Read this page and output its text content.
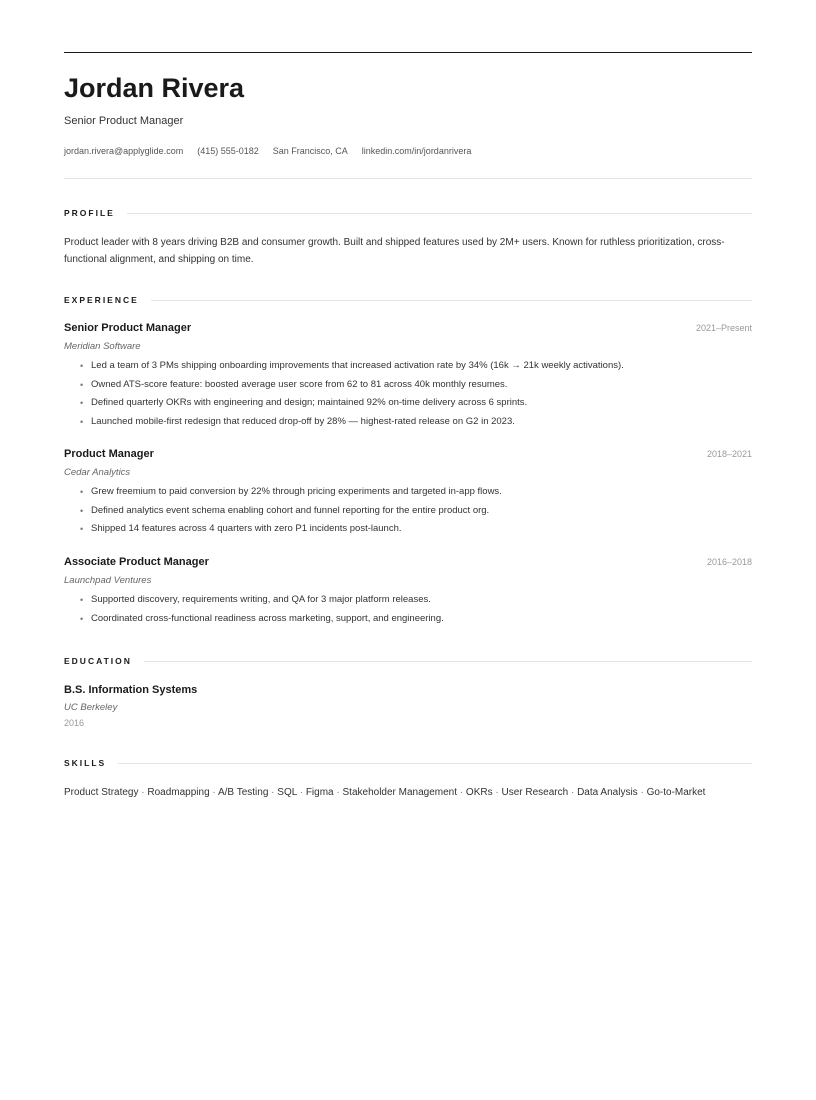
Jordan Rivera
Senior Product Manager
jordan.rivera@applyglide.com (415) 555-0182 San Francisco, CA linkedin.com/in/jordanrivera
PROFILE
Product leader with 8 years driving B2B and consumer growth. Built and shipped features used by 2M+ users. Known for ruthless prioritization, cross-functional alignment, and shipping on time.
EXPERIENCE
Senior Product Manager	2021–Present
Meridian Software
• Led a team of 3 PMs shipping onboarding improvements that increased activation rate by 34% (16k → 21k weekly activations).
• Owned ATS-score feature: boosted average user score from 62 to 81 across 40k monthly resumes.
• Defined quarterly OKRs with engineering and design; maintained 92% on-time delivery across 6 sprints.
• Launched mobile-first redesign that reduced drop-off by 28% — highest-rated release on G2 in 2023.
Product Manager	2018–2021
Cedar Analytics
• Grew freemium to paid conversion by 22% through pricing experiments and targeted in-app flows.
• Defined analytics event schema enabling cohort and funnel reporting for the entire product org.
• Shipped 14 features across 4 quarters with zero P1 incidents post-launch.
Associate Product Manager	2016–2018
Launchpad Ventures
• Supported discovery, requirements writing, and QA for 3 major platform releases.
• Coordinated cross-functional readiness across marketing, support, and engineering.
EDUCATION
B.S. Information Systems
UC Berkeley
2016
SKILLS
Product Strategy · Roadmapping · A/B Testing · SQL · Figma · Stakeholder Management · OKRs · User Research · Data Analysis · Go-to-Market
